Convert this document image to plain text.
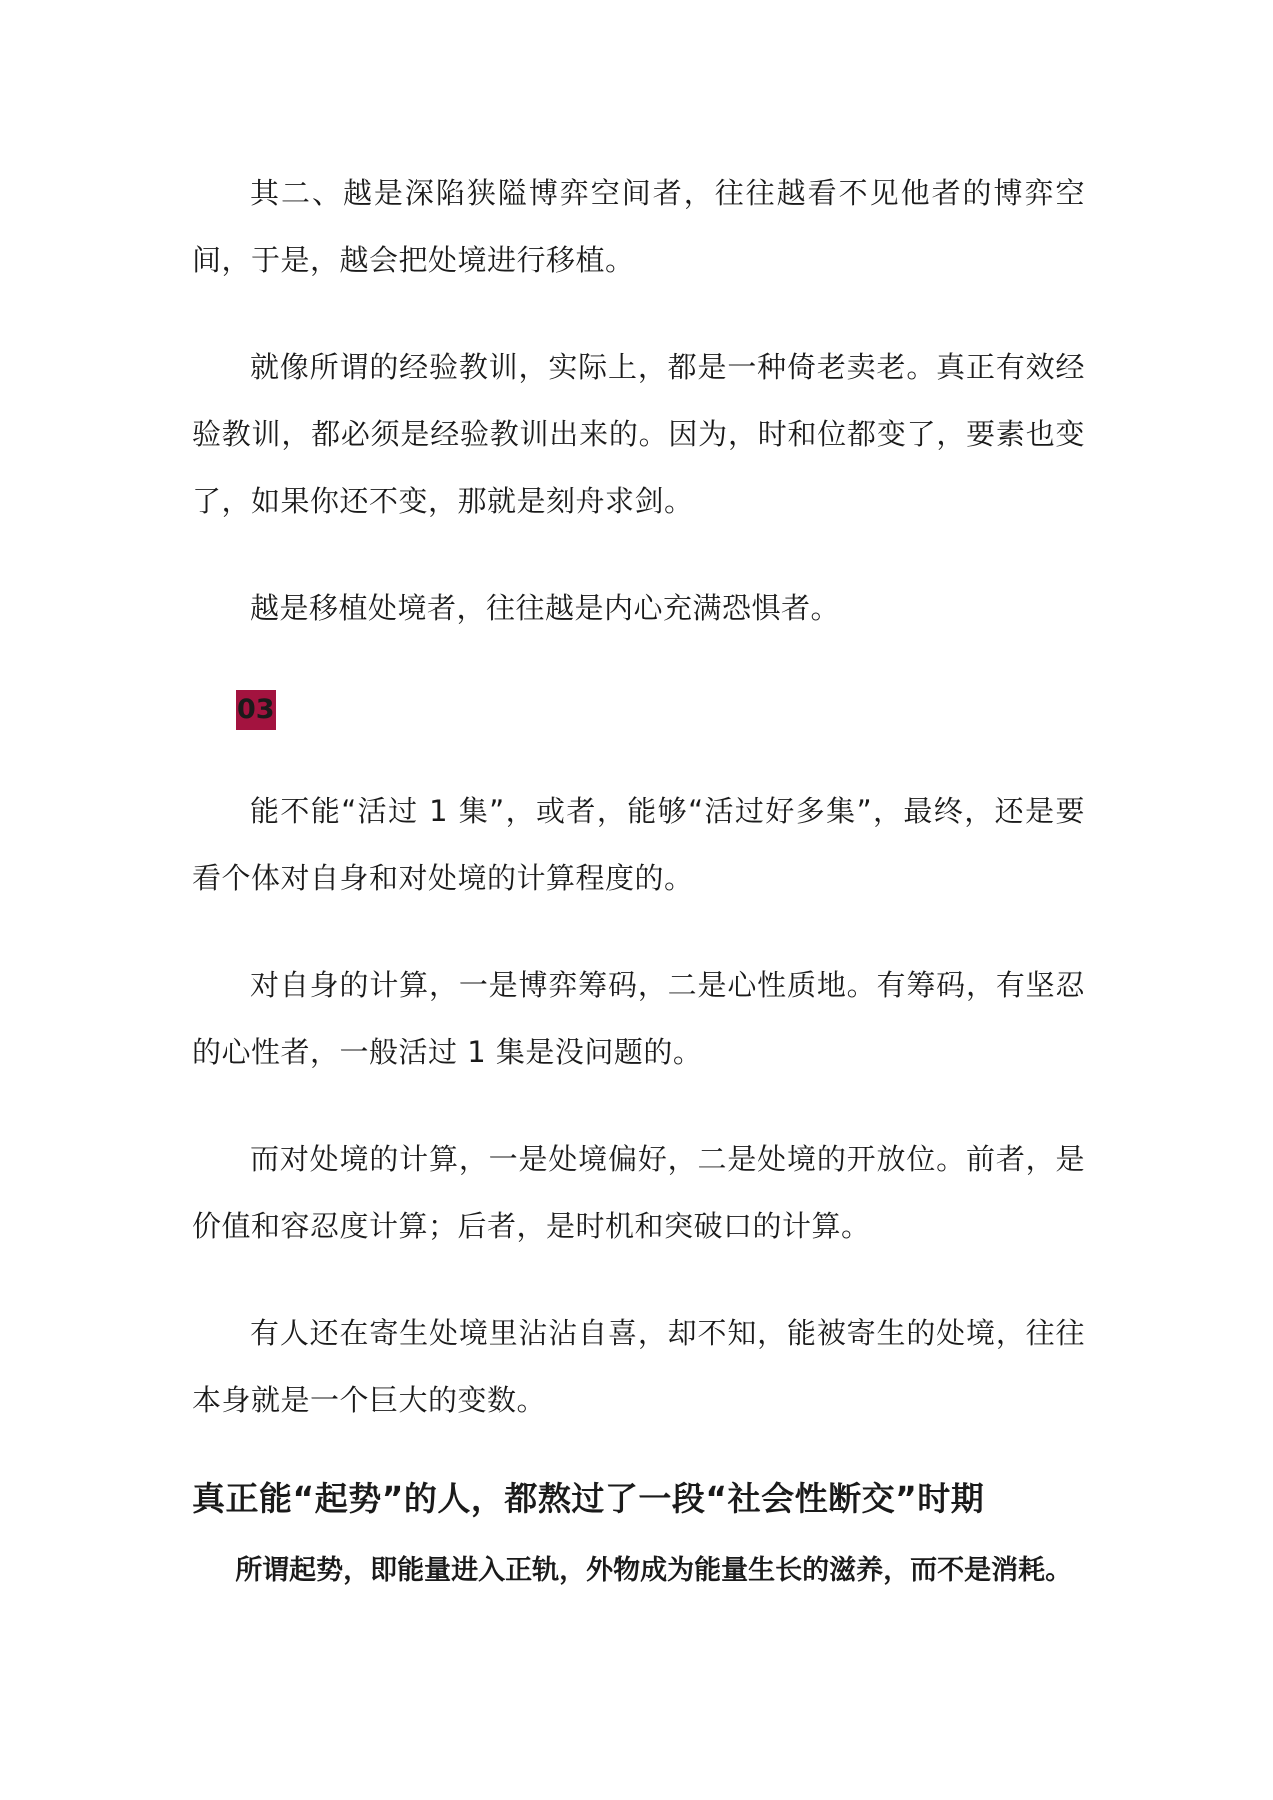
其二、越是深陷狭隘博弈空间者，往往越看不见他者的博弈空间，于是，越会把处境进行移植。

就像所谓的经验教训，实际上，都是一种倚老卖老。真正有效经验教训，都必须是经验教训出来的。因为，时和位都变了，要素也变了，如果你还不变，那就是刻舟求剑。

越是移植处境者，往往越是内心充满恐惧者。

03

能不能“活过 1 集”，或者，能够“活过好多集”，最终，还是要看个体对自身和对处境的计算程度的。

对自身的计算，一是博弈筹码，二是心性质地。有筹码，有坚忍的心性者，一般活过 1 集是没问题的。

而对处境的计算，一是处境偏好，二是处境的开放位。前者，是价值和容忍度计算；后者，是时机和突破口的计算。

有人还在寄生处境里沾沾自喜，却不知，能被寄生的处境，往往本身就是一个巨大的变数。

真正能“起势”的人，都熬过了一段“社会性断交”时期

所谓起势，即能量进入正轨，外物成为能量生长的滋养，而不是消耗。
